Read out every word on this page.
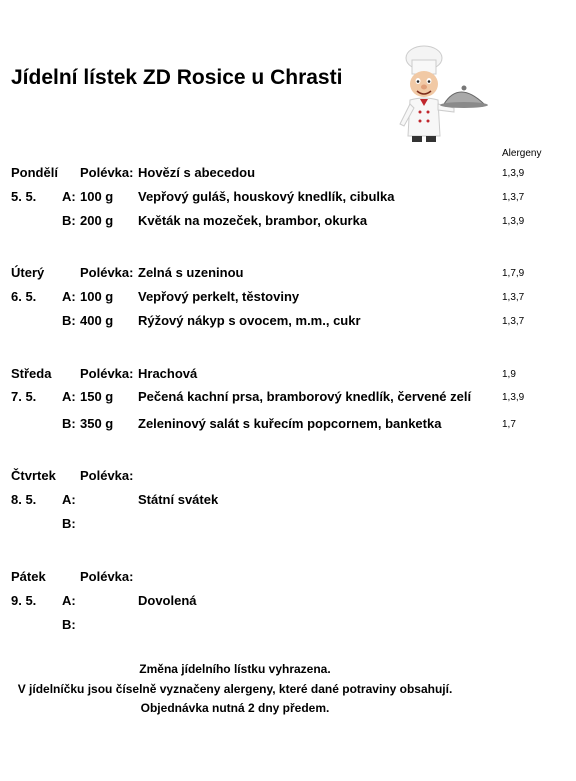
Jídelní lístek ZD Rosice u Chrasti
Alergeny
Pondělí Polévka: Hovězí s abecedou	1,3,9
5. 5. A: 100 g Vepřový guláš, houskový knedlík, cibulka	1,3,7
B: 200 g Květák na mozeček, brambor, okurka	1,3,9
Úterý	Polévka: Zelná s uzeninou	1,7,9
6. 5. A: 100 g Vepřový perkelt, těstoviny	1,3,7
B: 400 g Rýžový nákyp s ovocem, m.m., cukr	1,3,7
Středa Polévka: Hrachová	1,9
7. 5. A: 150 g Pečená kachní prsa, bramborový knedlík, červené zelí	1,3,9
B: 350 g Zeleninový salát s kuřecím popcornem, banketka	1,7
Čtvrtek Polévka:
8. 5. A:	Státní svátek
B:
Pátek	Polévka:
9. 5. A:	Dovolená
B:
Změna jídelního lístku vyhrazena.
V jídelníčku jsou číselně vyznačeny alergeny, které dané potraviny obsahují.
Objednávka nutná 2 dny předem.
